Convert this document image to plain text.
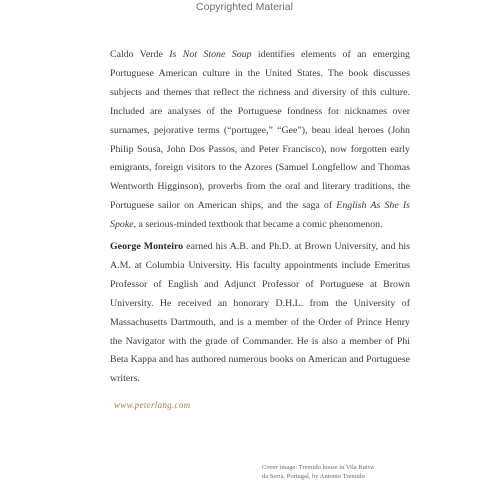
Copyrighted Material
Caldo Verde Is Not Stone Soup identifies elements of an emerging Portuguese American culture in the United States. The book discusses subjects and themes that reflect the richness and diversity of this culture. Included are analyses of the Portuguese fondness for nicknames over surnames, pejorative terms (“portugee,” “Gee”), beau ideal heroes (John Philip Sousa, John Dos Passos, and Peter Francisco), now forgotten early emigrants, foreign visitors to the Azores (Samuel Longfellow and Thomas Wentworth Higginson), proverbs from the oral and literary traditions, the Portuguese sailor on American ships, and the saga of English As She Is Spoke, a serious-minded textbook that became a comic phenomenon.
George Monteiro earned his A.B. and Ph.D. at Brown University, and his A.M. at Columbia University. His faculty appointments include Emeritus Professor of English and Adjunct Professor of Portuguese at Brown University. He received an honorary D.H.L. from the University of Massachusetts Dartmouth, and is a member of the Order of Prince Henry the Navigator with the grade of Commander. He is also a member of Phi Beta Kappa and has authored numerous books on American and Portuguese writers.
www.peterlang.com
Cover image: Tremido house in Vila Ruiva da Serra, Portugal, by Antonio Tremido
